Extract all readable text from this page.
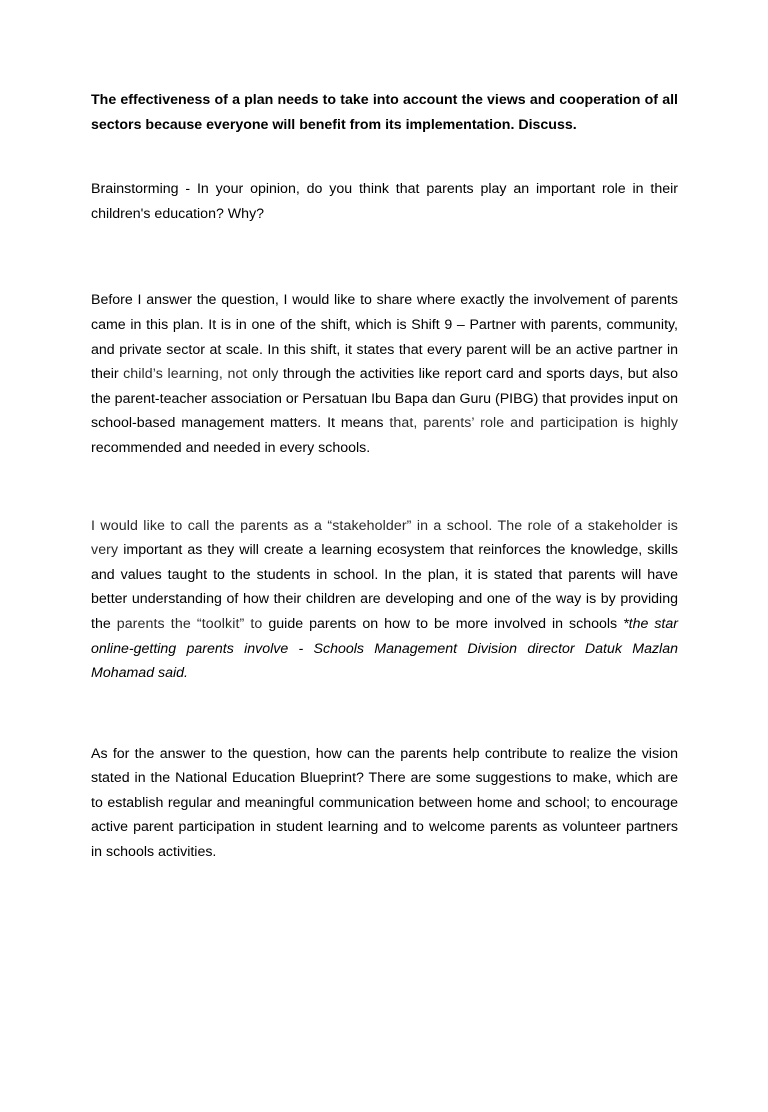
The effectiveness of a plan needs to take into account the views and cooperation of all sectors because everyone will benefit from its implementation. Discuss.

Brainstorming - In your opinion, do you think that parents play an important role in their children's education? Why?

Before I answer the question, I would like to share where exactly the involvement of parents came in this plan. It is in one of the shift, which is Shift 9 – Partner with parents, community, and private sector at scale. In this shift, it states that every parent will be an active partner in their child’s learning, not only through the activities like report card and sports days, but also the parent-teacher association or Persatuan Ibu Bapa dan Guru (PIBG) that provides input on school-based management matters. It means that, parents’ role and participation is highly recommended and needed in every schools.

I would like to call the parents as a “stakeholder” in a school. The role of a stakeholder is very important as they will create a learning ecosystem that reinforces the knowledge, skills and values taught to the students in school. In the plan, it is stated that parents will have better understanding of how their children are developing and one of the way is by providing the parents the “toolkit” to guide parents on how to be more involved in schools *the star online-getting parents involve - Schools Management Division director Datuk Mazlan Mohamad said.

As for the answer to the question, how can the parents help contribute to realize the vision stated in the National Education Blueprint? There are some suggestions to make, which are to establish regular and meaningful communication between home and school; to encourage active parent participation in student learning and to welcome parents as volunteer partners in schools activities.
